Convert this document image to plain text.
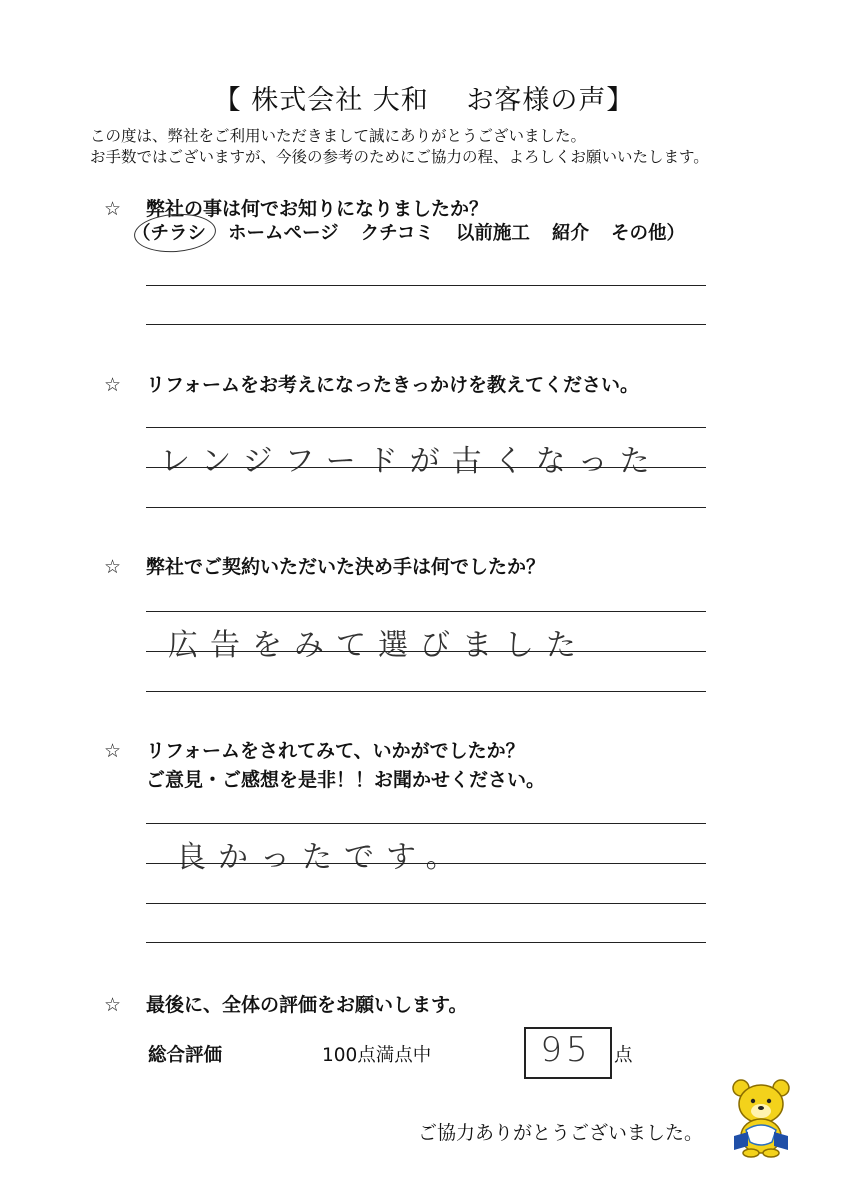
【 株式会社 大和　 お客様の声】
この度は、弊社をご利用いただきまして誠にありがとうございました。
お手数ではございますが、今後の参考のためにご協力の程、よろしくお願いいたします。
☆ 弊社の事は何でお知りになりましたか？
（チラシ ホームページ クチコミ 以前施工 紹介 その他）
☆ リフォームをお考えになったきっかけを教えてください。
レンジフードが古くなった
☆ 弊社でご契約いただいた決め手は何でしたか？
広告をみて選びました
☆ リフォームをされてみて、いかがでしたか？
ご意見・ご感想を是非！！お聞かせください。
良かったです。
☆ 最後に、全体の評価をお願いします。
総合評価	100点満点中	95	点
ご協力ありがとうございました。
